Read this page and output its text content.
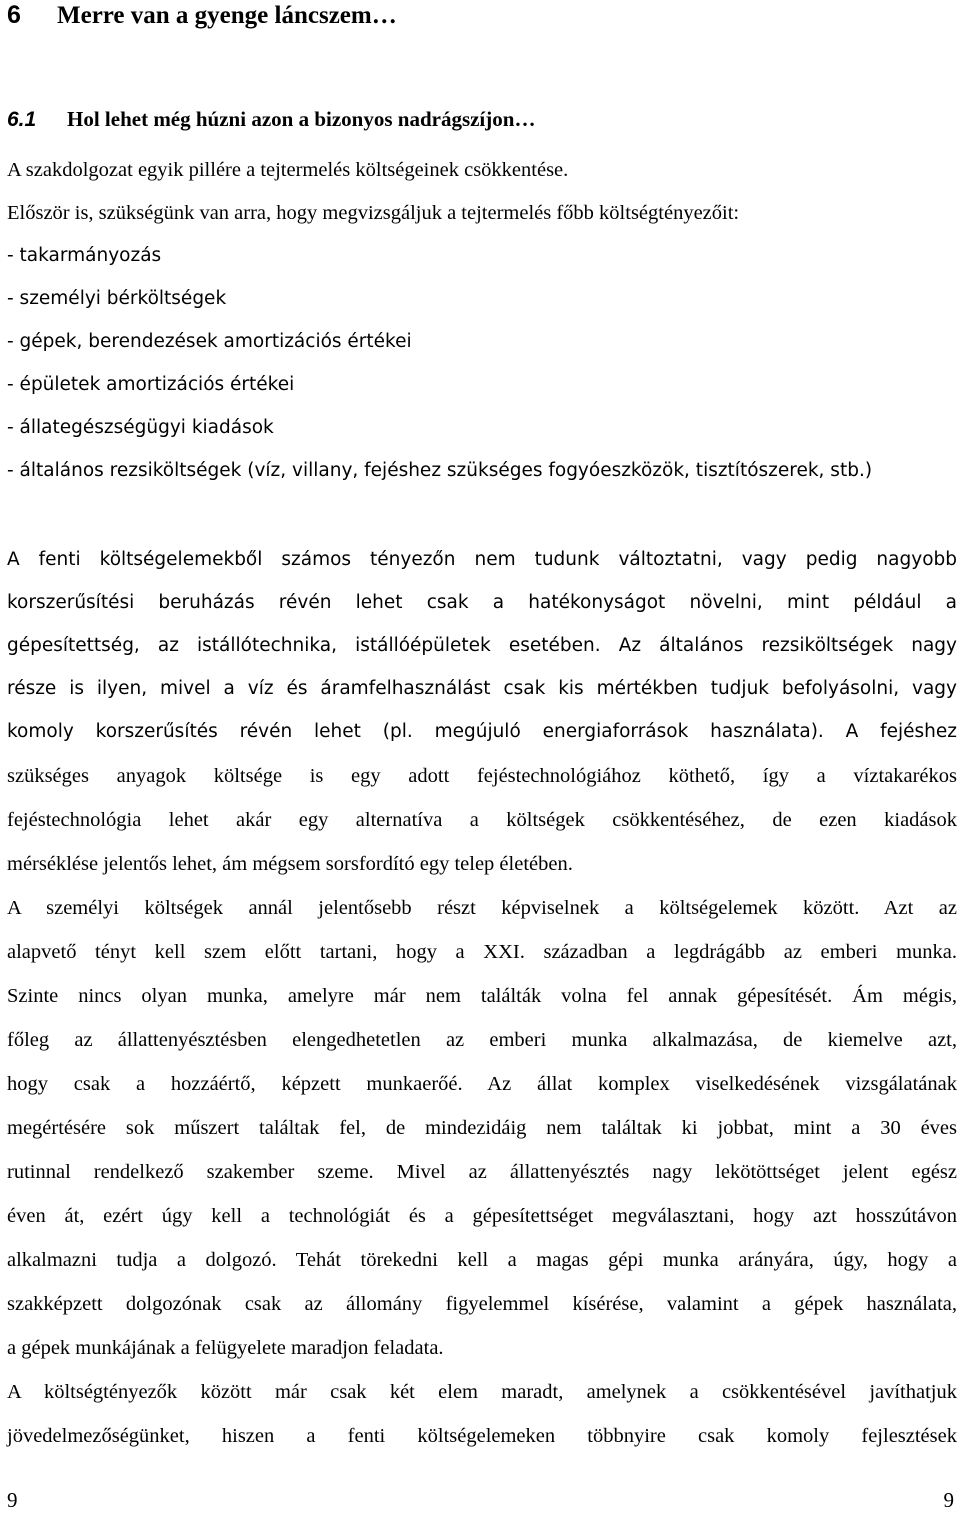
6 Merre van a gyenge láncszem…
6.1 Hol lehet még húzni azon a bizonyos nadrágszíjon…
A szakdolgozat egyik pillére a tejtermelés költségeinek csökkentése.
Először is, szükségünk van arra, hogy megvizsgáljuk a tejtermelés főbb költségtényezőit:
- takarmányozás
- személyi bérköltségek
- gépek, berendezések amortizációs értékei
- épületek amortizációs értékei
- állategészségügyi kiadások
- általános rezsiköltségek (víz, villany, fejéshez szükséges fogyóeszközök, tisztítószerek, stb.)
A fenti költségelemekből számos tényezőn nem tudunk változtatni, vagy pedig nagyobb
korszerűsítési beruházás révén lehet csak a hatékonyságot növelni, mint például a
gépesítettség, az istállótechnika, istállóépületek esetében. Az általános rezsiköltségek nagy
része is ilyen, mivel a víz és áramfelhasználást csak kis mértékben tudjuk befolyásolni, vagy
komoly korszerűsítés révén lehet (pl. megújuló energiaforrások használata). A fejéshez
szükséges anyagok költsége is egy adott fejéstechnológiához köthető, így a víztakarékos
fejéstechnológia lehet akár egy alternatíva a költségek csökkentéséhez, de ezen kiadások
mérséklése jelentős lehet, ám mégsem sorsfordító egy telep életében.
A személyi költségek annál jelentősebb részt képviselnek a költségelemek között. Azt az
alapvető tényt kell szem előtt tartani, hogy a XXI. században a legdrágább az emberi munka.
Szinte nincs olyan munka, amelyre már nem találták volna fel annak gépesítését. Ám mégis,
főleg az állattenyésztésben elengedhetetlen az emberi munka alkalmazása, de kiemelve azt,
hogy csak a hozzáértő, képzett munkaerőé. Az állat komplex viselkedésének vizsgálatának
megértésére sok műszert találtak fel, de mindezidáig nem találtak ki jobbat, mint a 30 éves
rutinnal rendelkező szakember szeme. Mivel az állattenyésztés nagy lekötöttséget jelent egész
éven át, ezért úgy kell a technológiát és a gépesítettséget megválasztani, hogy azt hosszútávon
alkalmazni tudja a dolgozó. Tehát törekedni kell a magas gépi munka arányára, úgy, hogy a
szakképzett dolgozónak csak az állomány figyelemmel kísérése, valamint a gépek használata,
a gépek munkájának a felügyelete maradjon feladata.
A költségtényezők között már csak két elem maradt, amelynek a csökkentésével javíthatjuk
jövedelmezőségünket, hiszen a fenti költségelemeken többnyire csak komoly fejlesztések
9	9
